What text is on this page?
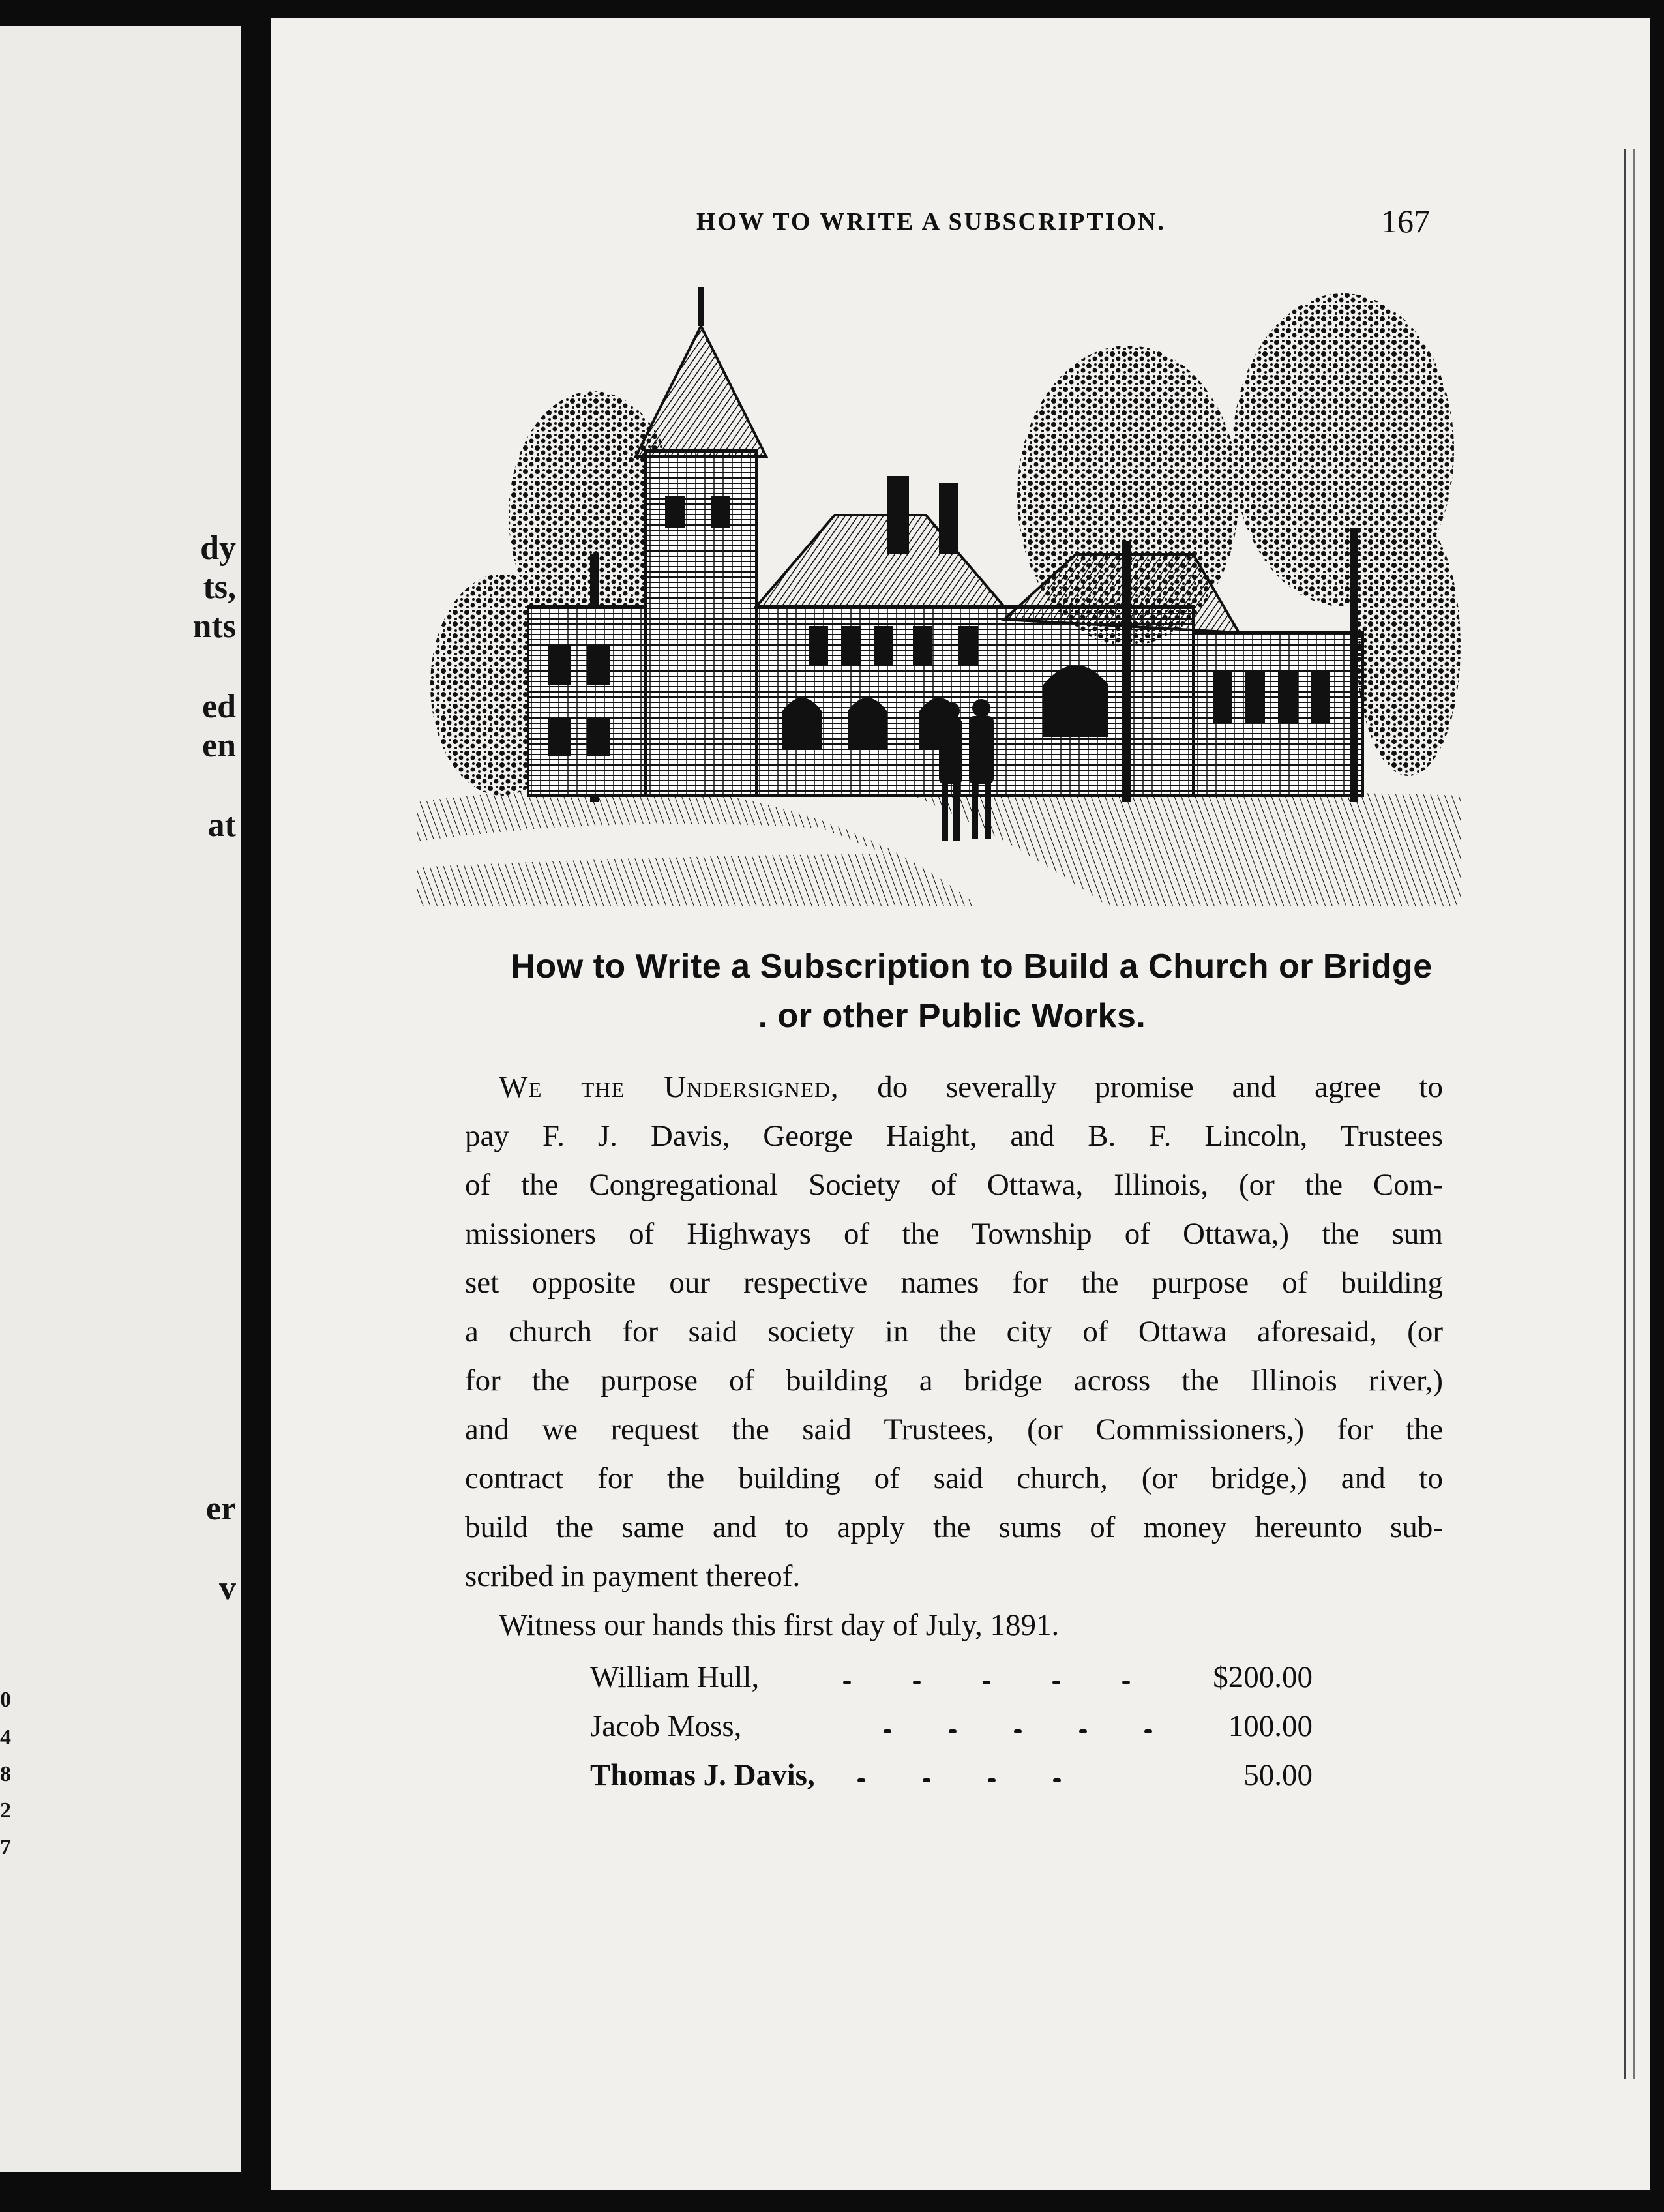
dy
ts,
nts
ed
en
at
er
v
0
4
8
2
7
HOW TO WRITE A SUBSCRIPTION.	167
How to Write a Subscription to Build a Church or Bridge
. or other Public Works.
We the Undersigned, do severally promise and agree to
pay F. J. Davis, George Haight, and B. F. Lincoln, Trustees
of the Congregational Society of Ottawa, Illinois, (or the Com-
missioners of Highways of the Township of Ottawa,) the sum
set opposite our respective names for the purpose of building
a church for said society in the city of Ottawa aforesaid, (or
for the purpose of building a bridge across the Illinois river,)
and we request the said Trustees, (or Commissioners,) for the
contract for the building of said church, (or bridge,) and to
build the same and to apply the sums of money hereunto sub-
scribed in payment thereof.
Witness our hands this first day of July, 1891.
William Hull,	$200.00
Jacob Moss,	100.00
Thomas J. Davis,	50.00
